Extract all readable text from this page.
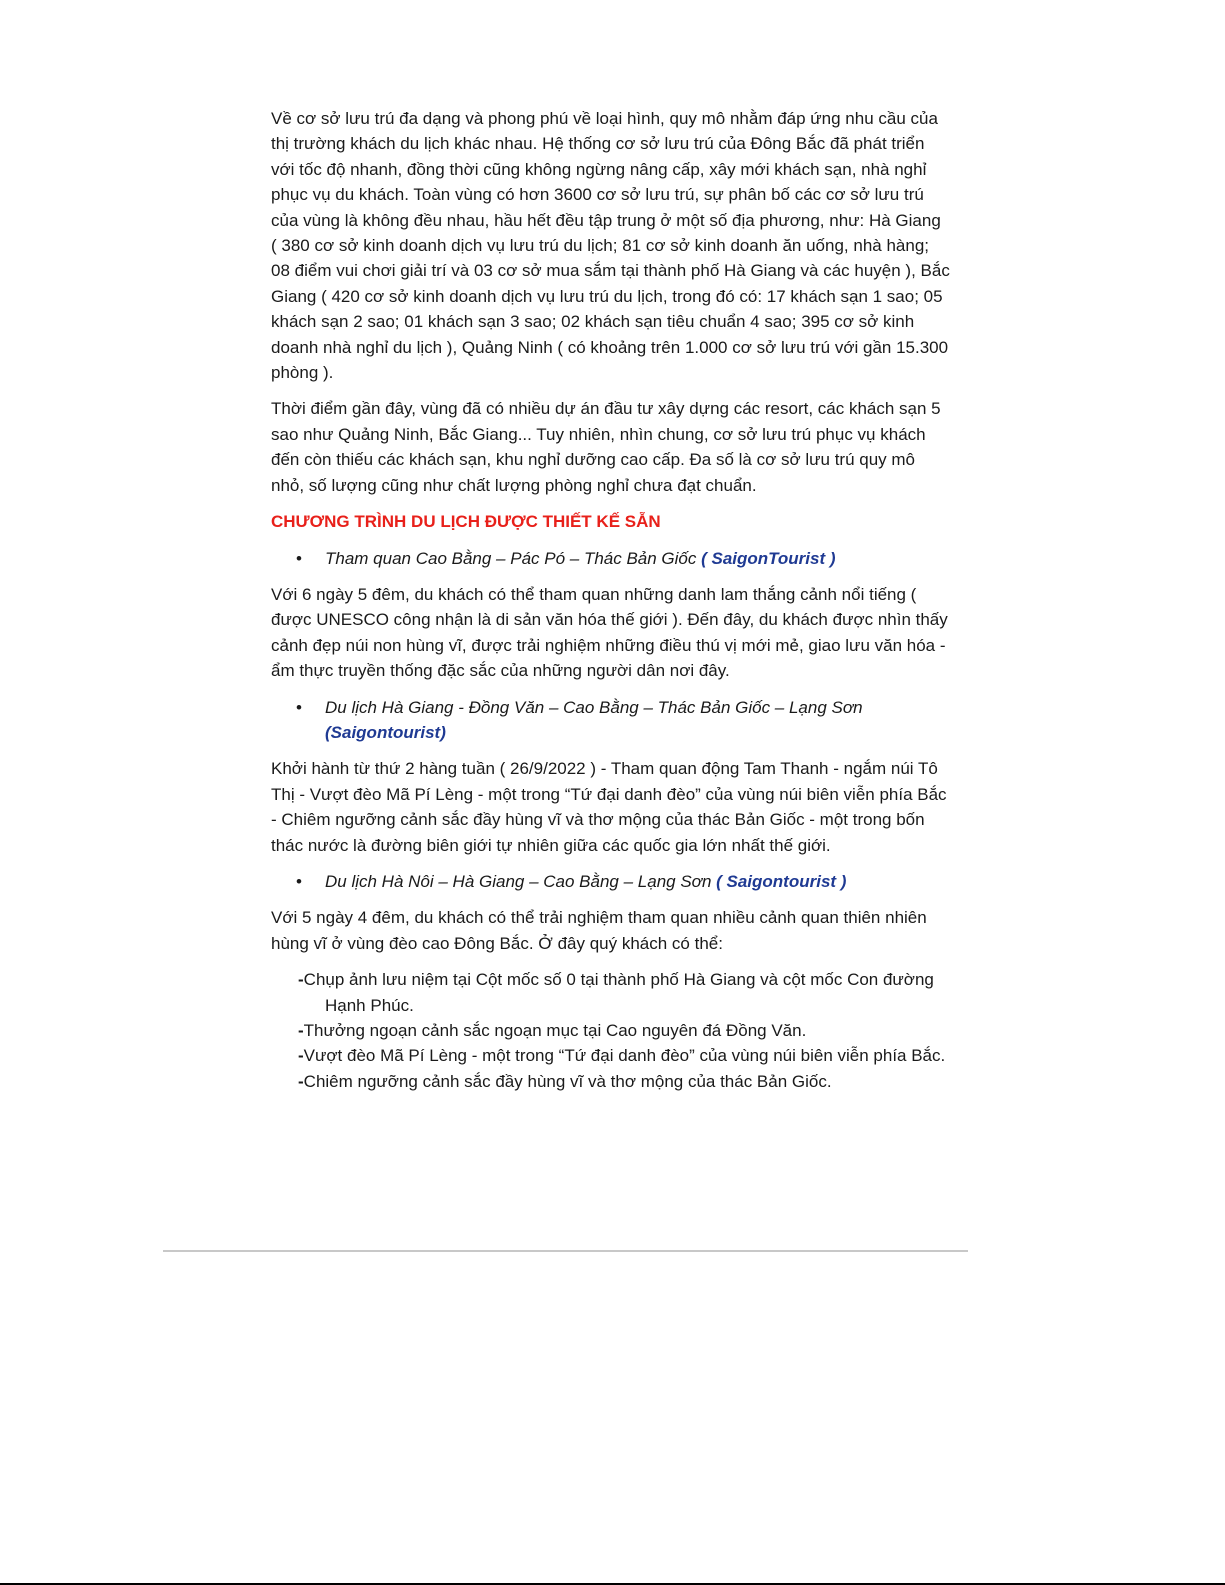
Về cơ sở lưu trú đa dạng và phong phú về loại hình, quy mô nhằm đáp ứng nhu cầu của thị trường khách du lịch khác nhau. Hệ thống cơ sở lưu trú của Đông Bắc đã phát triển với tốc độ nhanh, đồng thời cũng không ngừng nâng cấp, xây mới khách sạn, nhà nghỉ phục vụ du khách. Toàn vùng có hơn 3600 cơ sở lưu trú, sự phân bố các cơ sở lưu trú của vùng là không đều nhau, hầu hết đều tập trung ở một số địa phương, như: Hà Giang ( 380 cơ sở kinh doanh dịch vụ lưu trú du lịch; 81 cơ sở kinh doanh ăn uống, nhà hàng; 08 điểm vui chơi giải trí và 03 cơ sở mua sắm tại thành phố Hà Giang và các huyện ), Bắc Giang ( 420 cơ sở kinh doanh dịch vụ lưu trú du lịch, trong đó có: 17 khách sạn 1 sao; 05 khách sạn 2 sao; 01 khách sạn 3 sao; 02 khách sạn tiêu chuẩn 4 sao; 395 cơ sở kinh doanh nhà nghỉ du lịch ), Quảng Ninh ( có khoảng trên 1.000 cơ sở lưu trú với gần 15.300 phòng ).

Thời điểm gần đây, vùng đã có nhiều dự án đầu tư xây dựng các resort, các khách sạn 5 sao như Quảng Ninh, Bắc Giang... Tuy nhiên, nhìn chung, cơ sở lưu trú phục vụ khách đến còn thiếu các khách sạn, khu nghỉ dưỡng cao cấp. Đa số là cơ sở lưu trú quy mô nhỏ, số lượng cũng như chất lượng phòng nghỉ chưa đạt chuẩn.

CHƯƠNG TRÌNH DU LỊCH ĐƯỢC THIẾT KẾ SẴN
• Tham quan Cao Bằng – Pác Pó – Thác Bản Giốc ( SaigonTourist )

Với 6 ngày 5 đêm, du khách có thể tham quan những danh lam thắng cảnh nổi tiếng ( được UNESCO công nhận là di sản văn hóa thế giới ). Đến đây, du khách được nhìn thấy cảnh đẹp núi non hùng vĩ, được trải nghiệm những điều thú vị mới mẻ, giao lưu văn hóa - ẩm thực truyền thống đặc sắc của những người dân nơi đây.

• Du lịch Hà Giang - Đồng Văn – Cao Bằng – Thác Bản Giốc – Lạng Sơn (Saigontourist)

Khởi hành từ thứ 2 hàng tuần ( 26/9/2022 ) - Tham quan động Tam Thanh - ngắm núi Tô Thị - Vượt đèo Mã Pí Lèng - một trong “Tứ đại danh đèo” của vùng núi biên viễn phía Bắc - Chiêm ngưỡng cảnh sắc đầy hùng vĩ và thơ mộng của thác Bản Giốc - một trong bốn thác nước là đường biên giới tự nhiên giữa các quốc gia lớn nhất thế giới.

• Du lịch Hà Nôi – Hà Giang – Cao Bằng – Lạng Sơn ( Saigontourist )

Với 5 ngày 4 đêm, du khách có thể trải nghiệm tham quan nhiều cảnh quan thiên nhiên hùng vĩ ở vùng đèo cao Đông Bắc. Ở đây quý khách có thể:

-Chụp ảnh lưu niệm tại Cột mốc số 0 tại thành phố Hà Giang và cột mốc Con đường Hạnh Phúc.
-Thưởng ngoạn cảnh sắc ngoạn mục tại Cao nguyên đá Đồng Văn.
-Vượt đèo Mã Pí Lèng - một trong “Tứ đại danh đèo” của vùng núi biên viễn phía Bắc.
-Chiêm ngưỡng cảnh sắc đầy hùng vĩ và thơ mộng của thác Bản Giốc.
